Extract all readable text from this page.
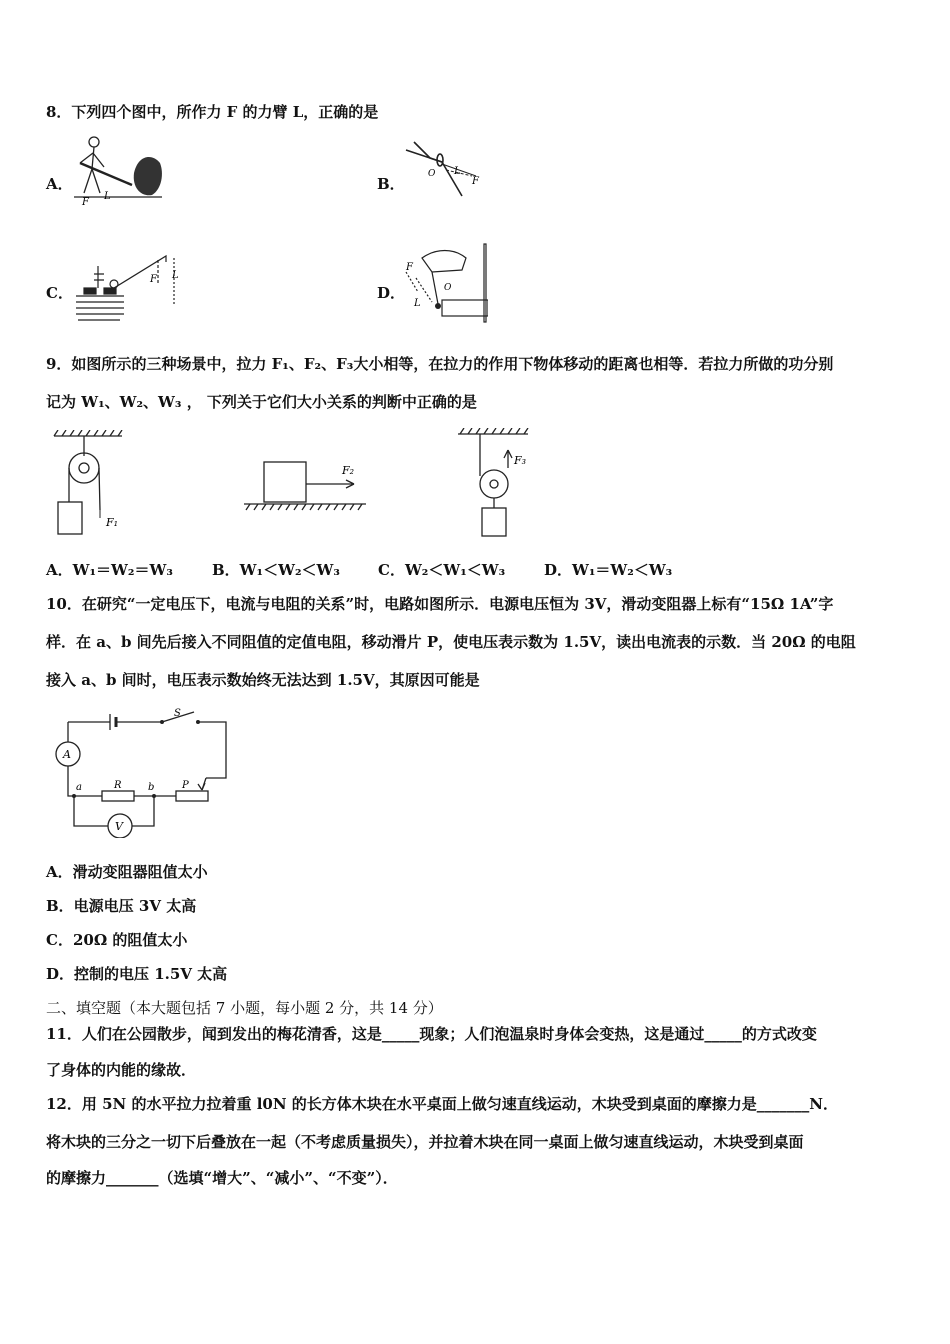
8．下列四个图中，所作力 F 的力臂 L，正确的是
A．
F
L
B．
L
F
O
C．
F L
D．
F
L
O
9．如图所示的三种场景中，拉力 F₁、F₂、F₃大小相等，在拉力的作用下物体移动的距离也相等．若拉力所做的功分别
记为 W₁、W₂、W₃ ， 下列关于它们大小关系的判断中正确的是
F₁
F₂
F₃
A．W₁＝W₂＝W₃	B．W₁＜W₂＜W₃	C．W₂＜W₁＜W₃	D．W₁＝W₂＜W₃
10．在研究“一定电压下，电流与电阻的关系”时，电路如图所示．电源电压恒为 3V，滑动变阻器上标有“15Ω 1A”字
样．在 a、b 间先后接入不同阻值的定值电阻，移动滑片 P，使电压表示数为 1.5V，读出电流表的示数．当 20Ω 的电阻
接入 a、b 间时，电压表示数始终无法达到 1.5V，其原因可能是
S
A
V
a	R	b	P
A．滑动变阻器阻值太小
B．电源电压 3V 太高
C．20Ω 的阻值太小
D．控制的电压 1.5V 太高
二、填空题（本大题包括 7 小题，每小题 2 分，共 14 分）
11．人们在公园散步，闻到发出的梅花清香，这是_____现象；人们泡温泉时身体会变热，这是通过_____的方式改变
了身体的内能的缘故．
12．用 5N 的水平拉力拉着重 l0N 的长方体木块在水平桌面上做匀速直线运动，木块受到桌面的摩擦力是_______N．
将木块的三分之一切下后叠放在一起（不考虑质量损失），并拉着木块在同一桌面上做匀速直线运动，木块受到桌面
的摩擦力_______（选填“增大”、“减小”、“不变”）．
